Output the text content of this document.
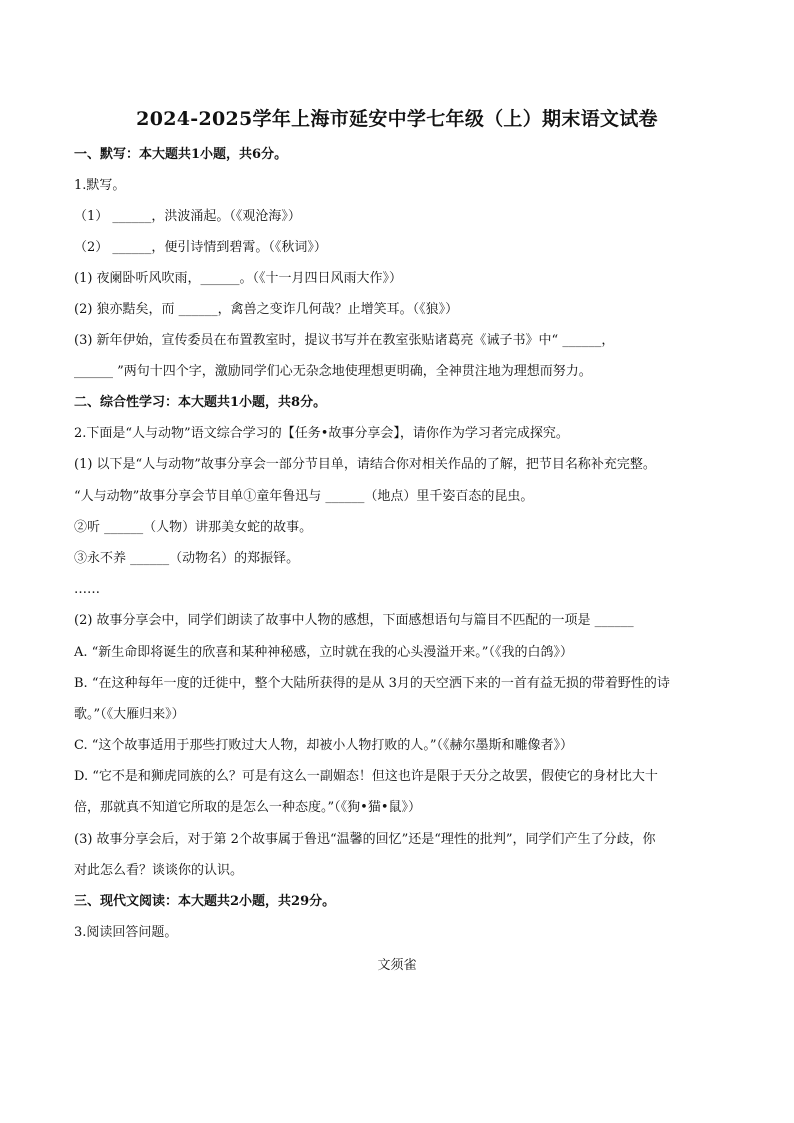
2024-2025学年上海市延安中学七年级（上）期末语文试卷
一、默写：本大题共1小题，共6分。
1.默写。
（1） ______，洪波涌起。（《观沧海》）
（2） ______，便引诗情到碧霄。（《秋词》）
(1) 夜阑卧听风吹雨，______。（《十一月四日风雨大作》）
(2) 狼亦黠矣，而 ______，禽兽之变诈几何哉？止增笑耳。（《狼》）
(3) 新年伊始，宣传委员在布置教室时，提议书写并在教室张贴诸葛亮《诫子书》中“ ______，
______ ”两句十四个字，激励同学们心无杂念地使理想更明确，全神贯注地为理想而努力。
二、综合性学习：本大题共1小题，共8分。
2.下面是“人与动物”语文综合学习的【任务•故事分享会】，请你作为学习者完成探究。
(1) 以下是“人与动物”故事分享会一部分节目单，请结合你对相关作品的了解，把节目名称补充完整。
“人与动物”故事分享会节目单①童年鲁迅与 ______（地点）里千姿百态的昆虫。
②听 ______（人物）讲那美女蛇的故事。
③永不养 ______（动物名）的郑振铎。
……
(2) 故事分享会中，同学们朗读了故事中人物的感想，下面感想语句与篇目不匹配的一项是 ______
A. “新生命即将诞生的欣喜和某种神秘感，立时就在我的心头漫溢开来。”（《我的白鸽》）
B. “在这种每年一度的迁徙中，整个大陆所获得的是从 3月的天空洒下来的一首有益无损的带着野性的诗
歌。”（《大雁归来》）
C. “这个故事适用于那些打败过大人物，却被小人物打败的人。”（《赫尔墨斯和雕像者》）
D. “它不是和狮虎同族的么？可是有这么一副媚态！但这也许是限于天分之故罢，假使它的身材比大十
倍，那就真不知道它所取的是怎么一种态度。”（《狗•猫•鼠》）
(3) 故事分享会后，对于第 2个故事属于鲁迅“温馨的回忆”还是“理性的批判”，同学们产生了分歧，你
对此怎么看？谈谈你的认识。
三、现代文阅读：本大题共2小题，共29分。
3.阅读回答问题。
文须雀
